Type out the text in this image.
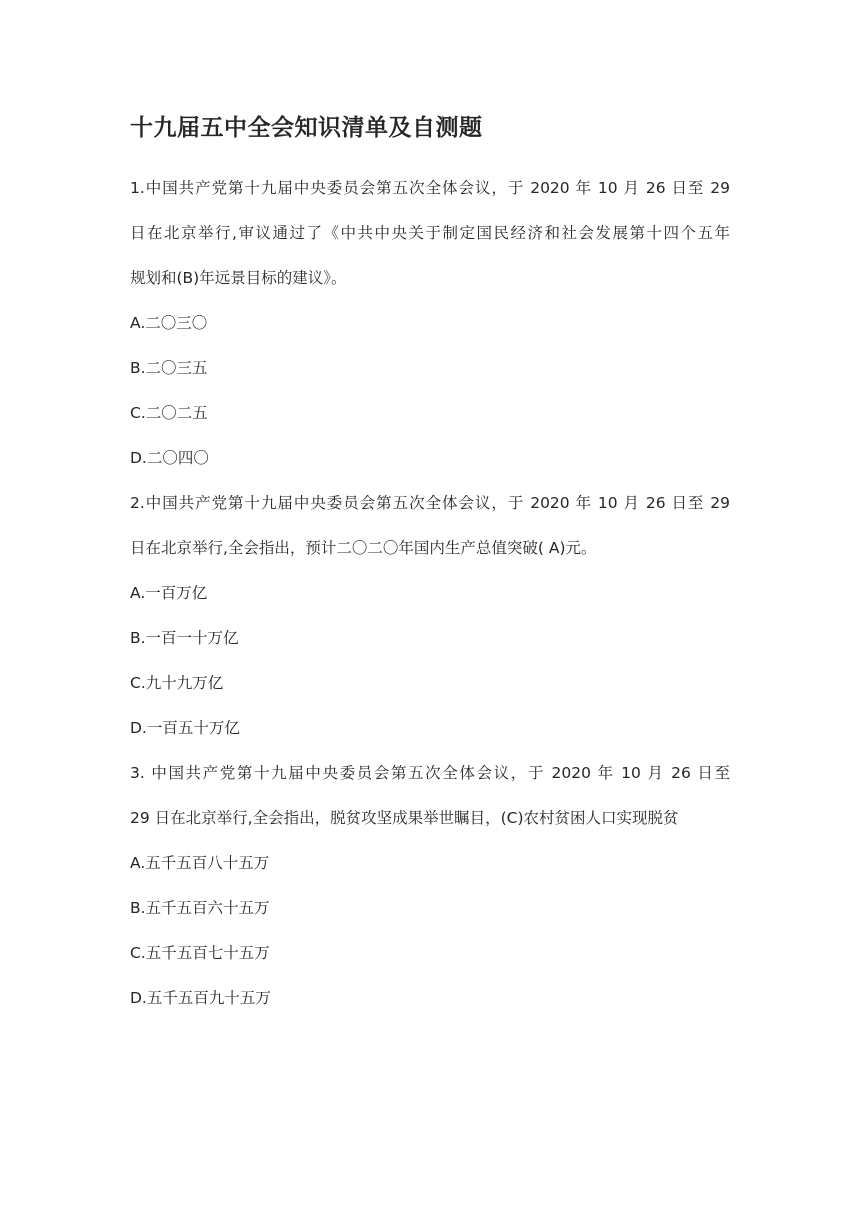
十九届五中全会知识清单及自测题
1.中国共产党第十九届中央委员会第五次全体会议，于 2020 年 10 月 26 日至 29
日在北京举行,审议通过了《中共中央关于制定国民经济和社会发展第十四个五年
规划和(B)年远景目标的建议》。
A.二〇三〇
B.二〇三五
C.二〇二五
D.二〇四〇
2.中国共产党第十九届中央委员会第五次全体会议，于 2020 年 10 月 26 日至 29
日在北京举行,全会指出，预计二〇二〇年国内生产总值突破( A)元。
A.一百万亿
B.一百一十万亿
C.九十九万亿
D.一百五十万亿
3. 中国共产党第十九届中央委员会第五次全体会议，于 2020 年 10 月 26 日至
29 日在北京举行,全会指出，脱贫攻坚成果举世瞩目，(C)农村贫困人口实现脱贫
A.五千五百八十五万
B.五千五百六十五万
C.五千五百七十五万
D.五千五百九十五万
